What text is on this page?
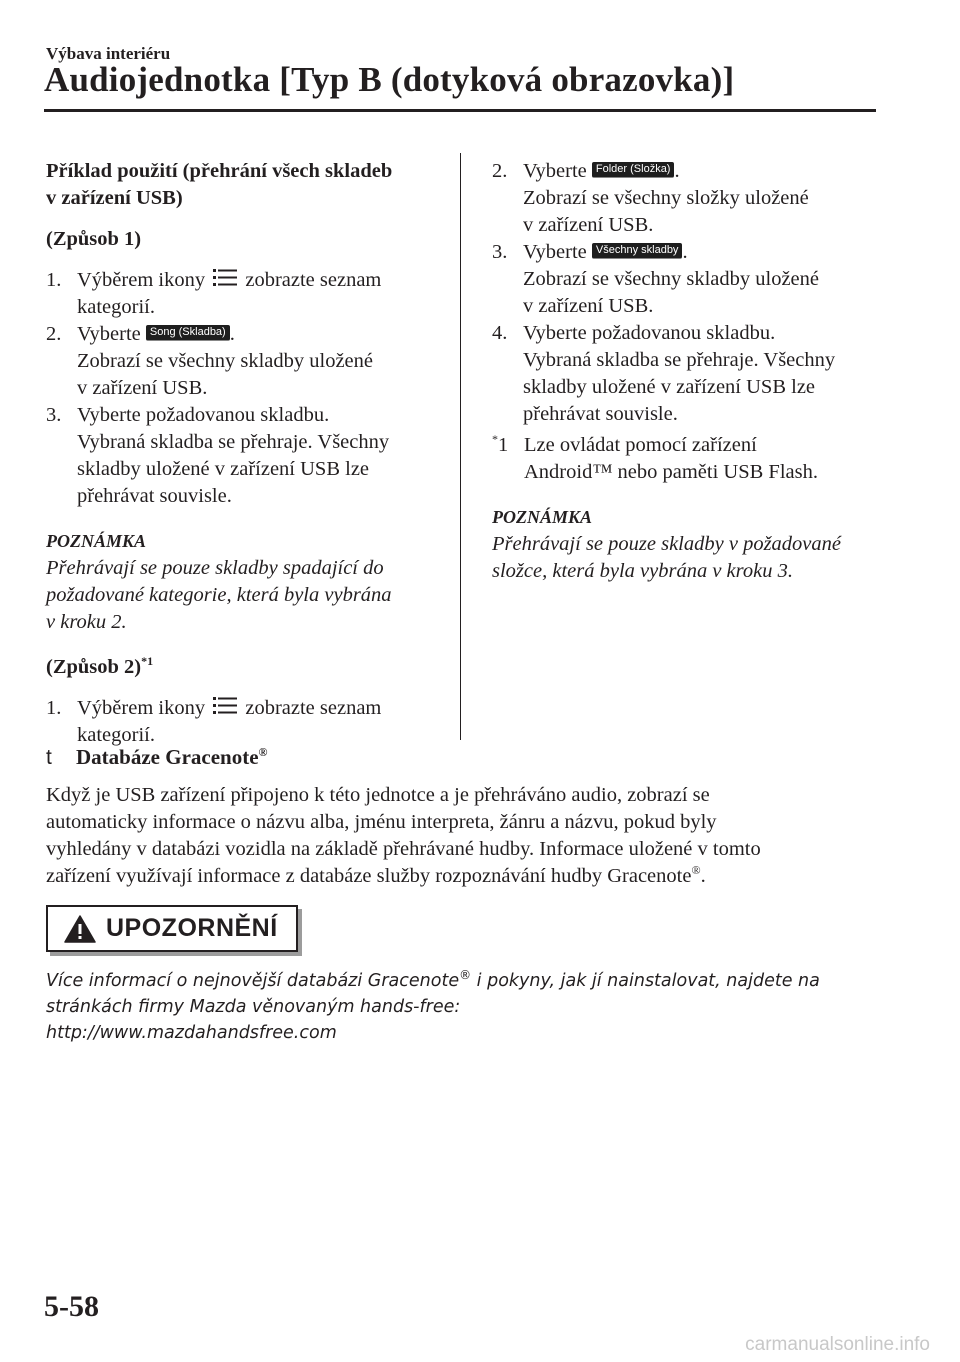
Výbava interiéru
Audiojednotka [Typ B (dotyková obrazovka)]

Příklad použití (přehrání všech skladeb
v zařízení USB)

(Způsob 1)

1. Výběrem ikony zobrazte seznam
kategorií.
2. Vyberte Song (Skladba) .
Zobrazí se všechny skladby uložené
v zařízení USB.
3. Vyberte požadovanou skladbu.
Vybraná skladba se přehraje. Všechny
skladby uložené v zařízení USB lze
přehrávat souvisle.

POZNÁMKA

Přehrávají se pouze skladby spadající do
požadované kategorie, která byla vybrána
v kroku 2.

(Způsob 2)$^{*1}$

1. Výběrem ikony zobrazte seznam
kategorií.
2. Vyberte Folder (Složka) .
Zobrazí se všechny složky uložené
v zařízení USB.
3. Vyberte Všechny skladby .
Zobrazí se všechny skladby uložené
v zařízení USB.
4. Vyberte požadovanou skladbu.
Vybraná skladba se přehraje. Všechny
skladby uložené v zařízení USB lze
přehrávat souvisle.
*1 Lze ovládat pomocí zařízení
Android™ nebo paměti USB Flash.

POZNÁMKA

Přehrávají se pouze skladby v požadované
složce, která byla vybrána v kroku 3.

t Databáze Gracenote®
Když je USB zařízení připojeno k této jednotce a je přehráváno audio, zobrazí se
automaticky informace o názvu alba, jménu interpreta, žánru a názvu, pokud byly
vyhledány v databázi vozidla na základě přehrávané hudby. Informace uložené v tomto
zařízení využívají informace z databáze služby rozpoznávání hudby Gracenote®.
UPOZORNĚNÍ
Více informací o nejnovější databázi Gracenote® i pokyny, jak jí nainstalovat, najdete na
stránkách firmy Mazda věnovaným hands-free:
http://www.mazdahandsfree.com
5-58
carmanualsonline.info
